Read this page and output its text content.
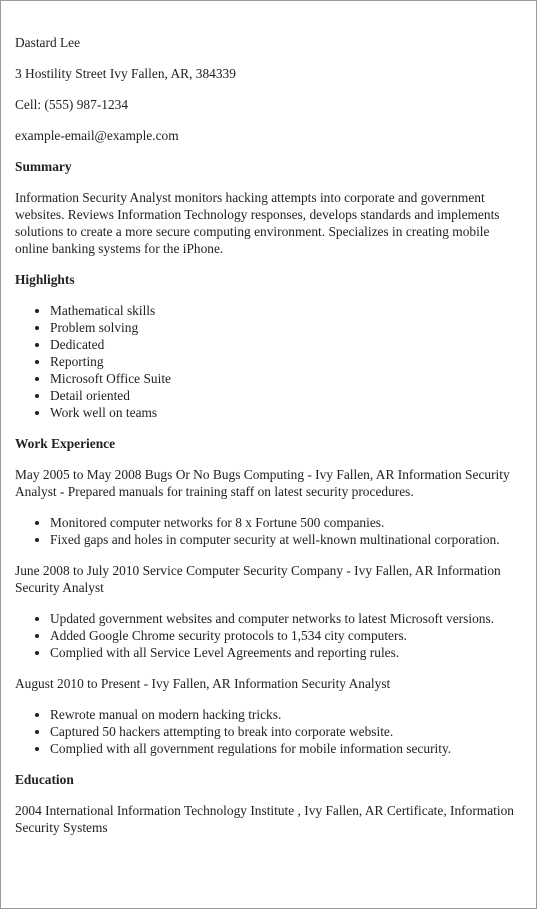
Dastard Lee
3 Hostility Street Ivy Fallen, AR, 384339
Cell: (555) 987-1234
example-email@example.com
Summary

Information Security Analyst monitors hacking attempts into corporate and government websites. Reviews Information Technology responses, develops standards and implements solutions to create a more secure computing environment. Specializes in creating mobile online banking systems for the iPhone.

Highlights
• Mathematical skills
• Problem solving
• Dedicated
• Reporting
• Microsoft Office Suite
• Detail oriented
• Work well on teams
Work Experience

May 2005 to May 2008 Bugs Or No Bugs Computing - Ivy Fallen, AR Information Security Analyst - Prepared manuals for training staff on latest security procedures.

• Monitored computer networks for 8 x Fortune 500 companies.
• Fixed gaps and holes in computer security at well-known multinational corporation.

June 2008 to July 2010 Service Computer Security Company - Ivy Fallen, AR Information Security Analyst

• Updated government websites and computer networks to latest Microsoft versions.
• Added Google Chrome security protocols to 1,534 city computers.
• Complied with all Service Level Agreements and reporting rules.

August 2010 to Present - Ivy Fallen, AR Information Security Analyst

• Rewrote manual on modern hacking tricks.
• Captured 50 hackers attempting to break into corporate website.
• Complied with all government regulations for mobile information security.
Education

2004 International Information Technology Institute , Ivy Fallen, AR Certificate, Information Security Systems
